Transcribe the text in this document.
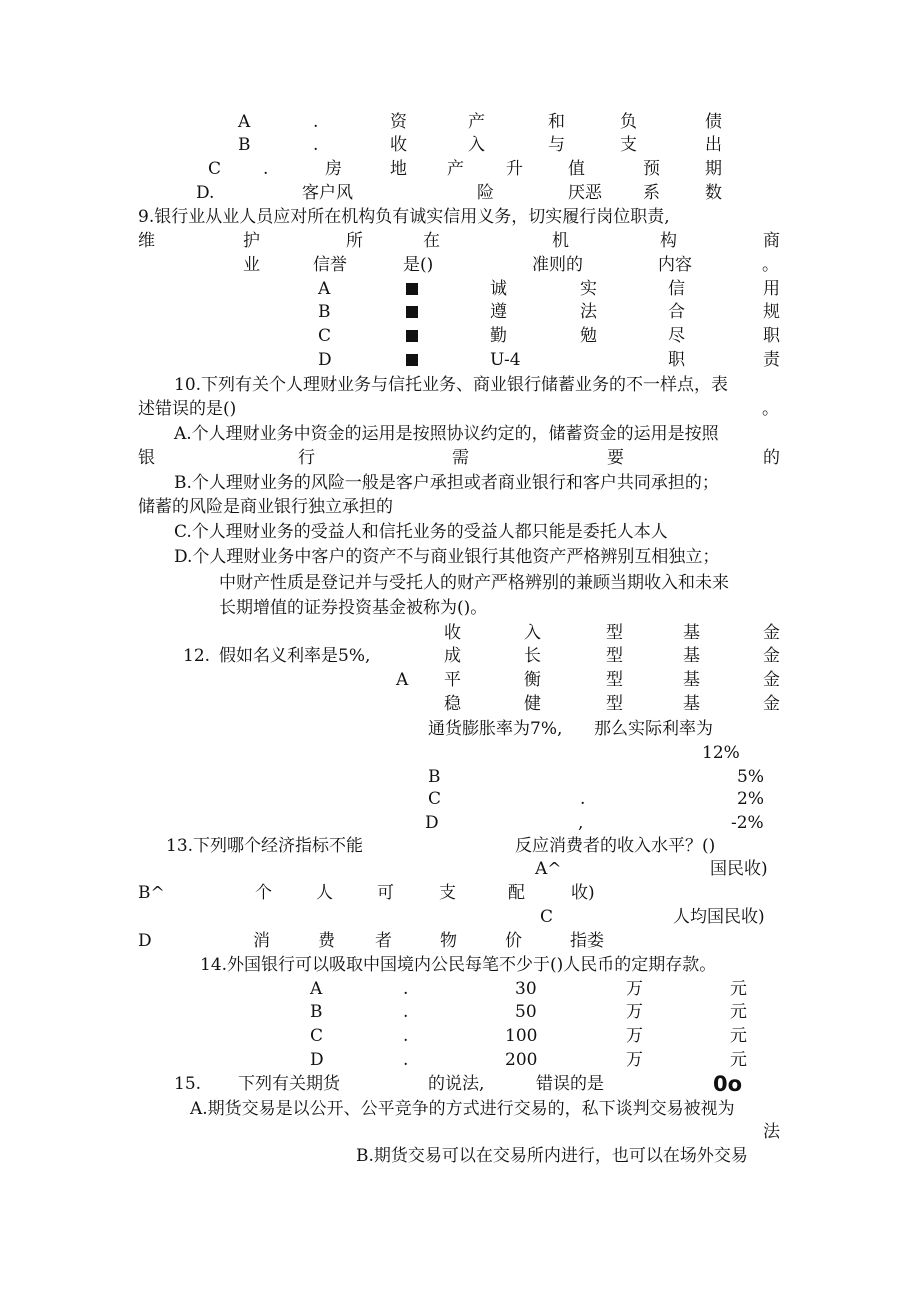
A	.	资	产	和	负	债
B	.	收	入	与	支	出
C .	房	地 产 升	值	预	期
D.	客户风	险	厌恶 系	数
9.银行业从业人员应对所在机构负有诚实信用义务，切实履行岗位职责,
维	护	所	在	机	构	商
业	信誉	是()	准则的	内容	。
A	诚	实	信	用
B	遵	法	合	规
C	勤	勉	尽	职
D	U-4	职	责
10.下列有关个人理财业务与信托业务、商业银行储蓄业务的不一样点，表
述错误的是()	。
A.个人理财业务中资金的运用是按照协议约定的，储蓄资金的运用是按照
银	行	需	要	的
B.个人理财业务的风险一般是客户承担或者商业银行和客户共同承担的；
储蓄的风险是商业银行独立承担的
C.个人理财业务的受益人和信托业务的受益人都只能是委托人本人
D.个人理财业务中客户的资产不与商业银行其他资产严格辨别互相独立；
中财产性质是登记并与受托人的财产严格辨别的兼顾当期收入和未来
长期增值的证券投资基金被称为()。
收	入	型	基	金
成	长	型	基	金
12. 假如名义利率是5%,
A 平	衡	型	基	金
稳	健	型	基	金
通货膨胀率为7%, 那么实际利率为
12%
B	5%
C	.	2%
D	,	-2%
13.下列哪个经济指标不能	反应消费者的收入水平？()
A^	国民收)
B^	个	人	可	支	配	收)
C	人均国民收)
D	消	费 者	物	价	指娄
14.外国银行可以吸取中国境内公民每笔不少于()人民币的定期存款。
A	.	30	万	元
B	.	50	万	元
C	.	100	万	元
D	.	200	万	元
15. 下列有关期货	的说法,	错误的是	0o
A.期货交易是以公开、公平竞争的方式进行交易的，私下谈判交易被视为
法
B.期货交易可以在交易所内进行，也可以在场外交易
